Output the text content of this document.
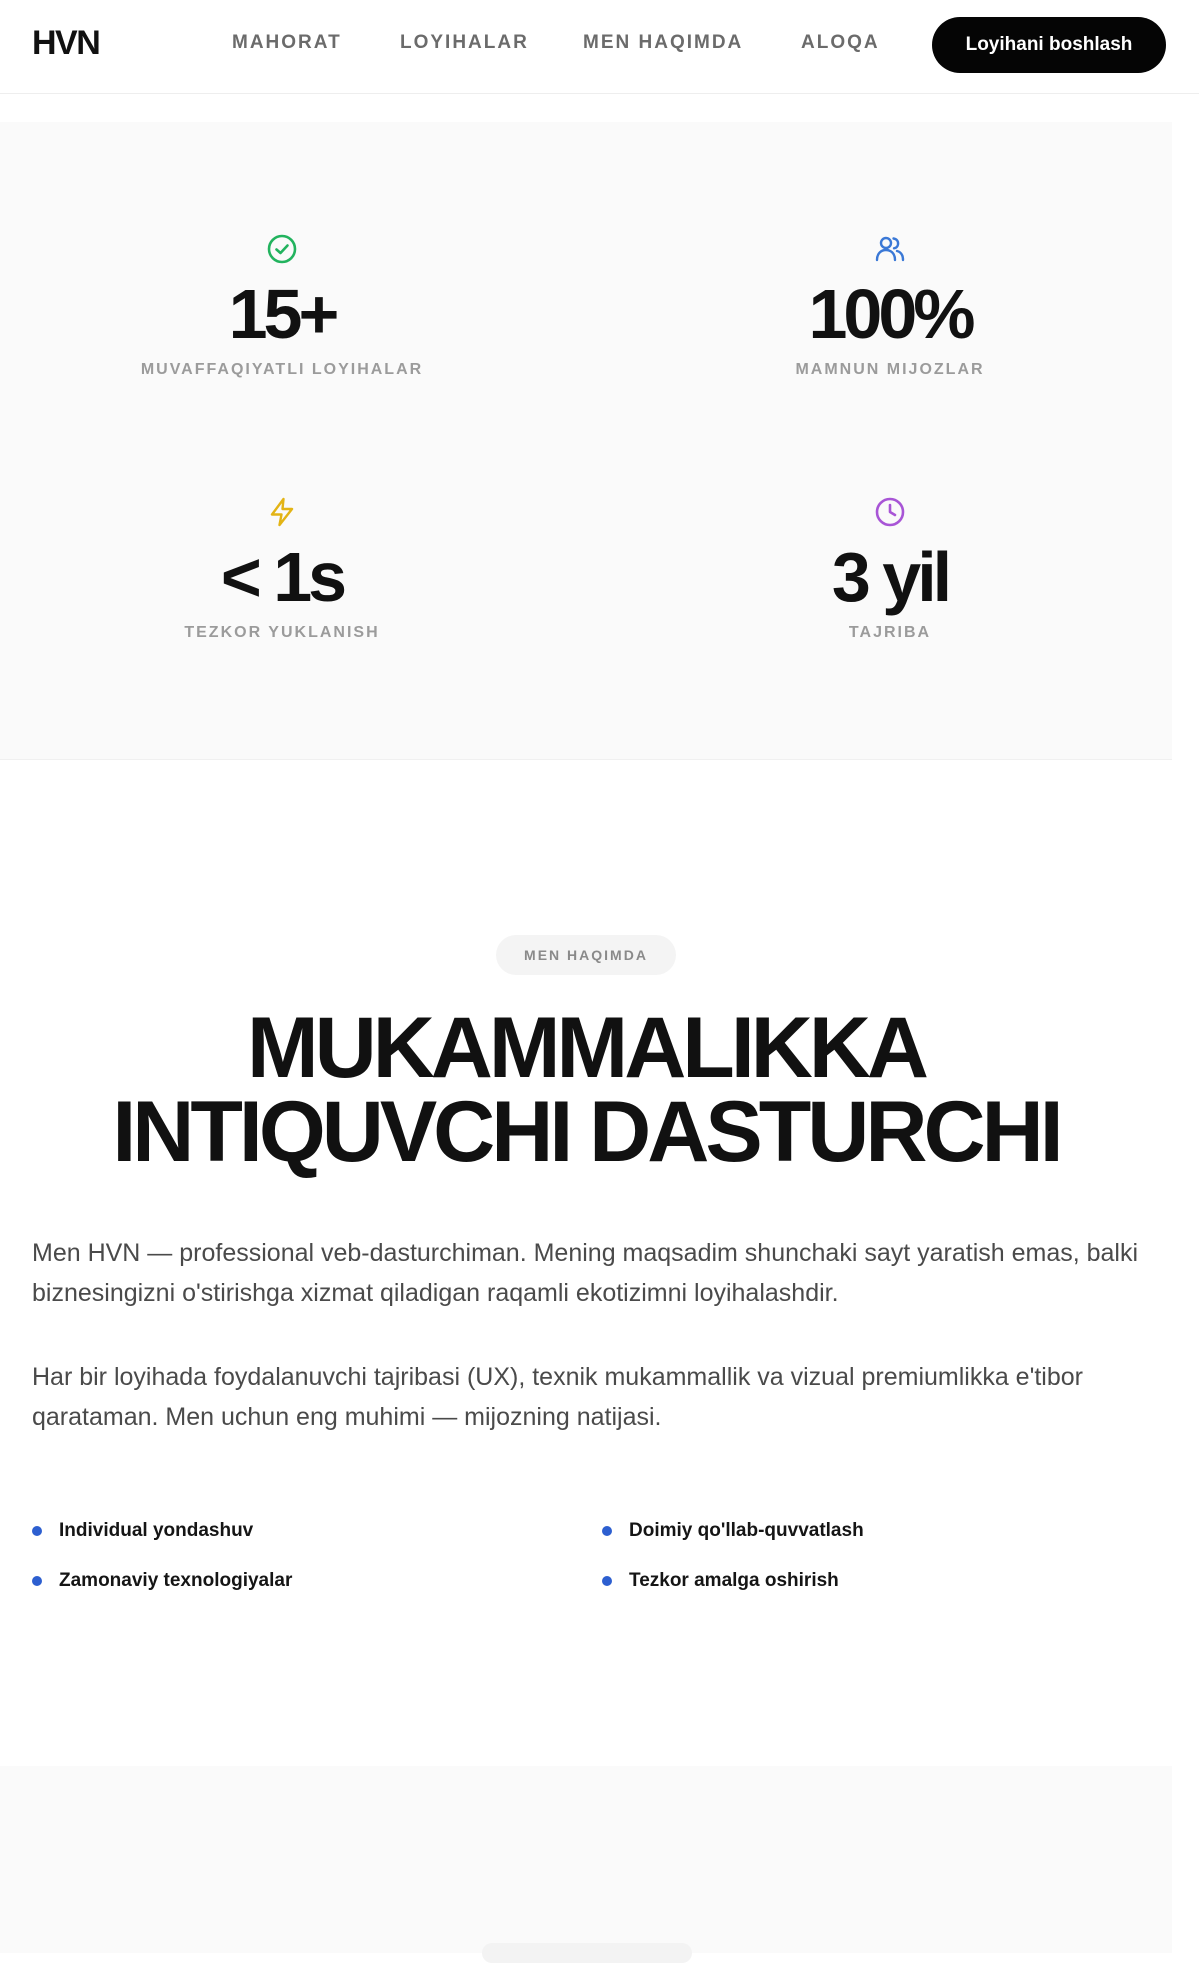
HVN	MAHORAT	LOYIHALAR	MEN HAQIMDA	ALOQA	Loyihani boshlash
15+
MUVAFFAQIYATLI LOYIHALAR
100%
MAMNUN MIJOZLAR
< 1s
TEZKOR YUKLANISH
3 yil
TAJRIBA
MEN HAQIMDA
MUKAMMALIKKA
INTIQUVCHI DASTURCHI

Men HVN — professional veb-dasturchiman. Mening maqsadim shunchaki sayt yaratish emas, balki biznesingizni o'stirishga xizmat qiladigan raqamli ekotizimni loyihalashdir.

Har bir loyihada foydalanuvchi tajribasi (UX), texnik mukammallik va vizual premiumlikka e'tibor qarataman. Men uchun eng muhimi — mijozning natijasi.

Individual yondashuv	Doimiy qo'llab-quvvatlash
Zamonaviy texnologiyalar	Tezkor amalga oshirish
